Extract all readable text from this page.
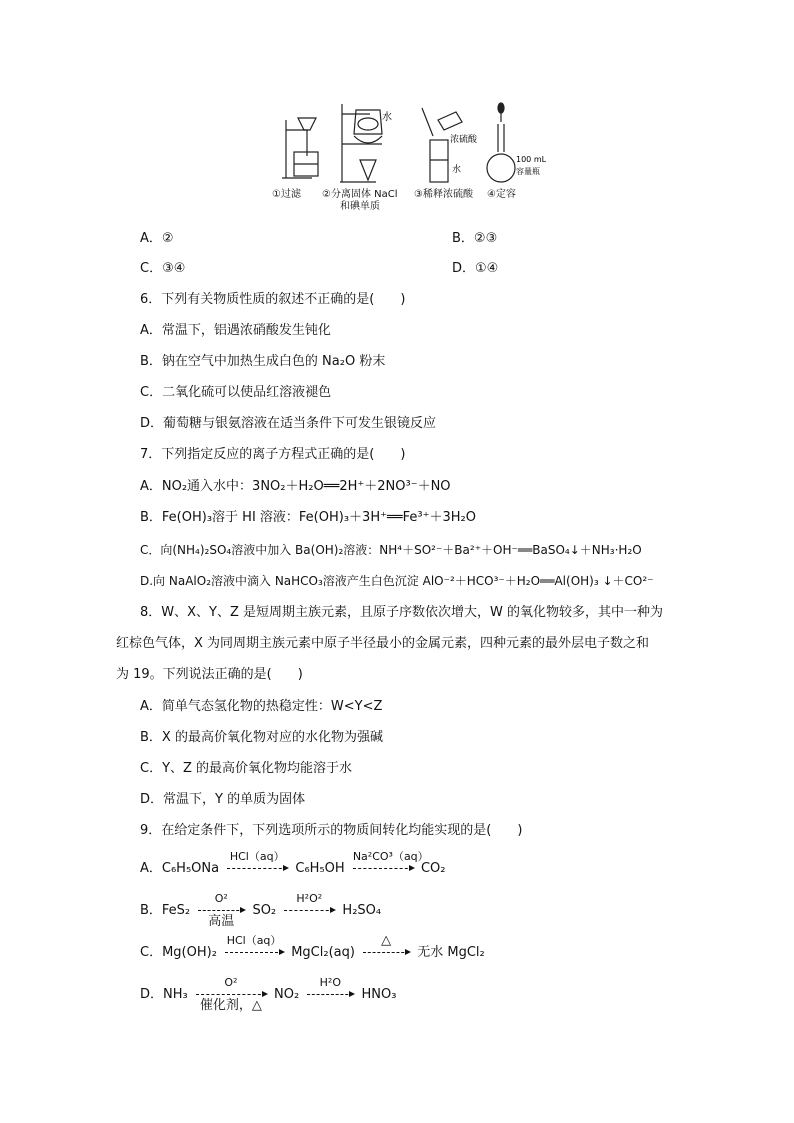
水
浓硫酸
水
100 mL
容量瓶
①过滤 ②分离固体 NaCl
和碘单质
③稀释浓硫酸 ④定容
A．②	B．②③
C．③④	D．①④
6．下列有关物质性质的叙述不正确的是(　　)
A．常温下，铝遇浓硝酸发生钝化
B．钠在空气中加热生成白色的 Na₂O 粉末
C．二氧化硫可以使品红溶液褪色
D．葡萄糖与银氨溶液在适当条件下可发生银镜反应
7．下列指定反应的离子方程式正确的是(　　)
A．NO₂通入水中：3NO₂＋H₂O══2H⁺＋2NO³⁻＋NO
B．Fe(OH)₃溶于 HI 溶液：Fe(OH)₃＋3H⁺══Fe³⁺＋3H₂O
C．向(NH₄)₂SO₄溶液中加入 Ba(OH)₂溶液：NH⁴＋SO²⁻＋Ba²⁺＋OH⁻══BaSO₄↓＋NH₃·H₂O
D.向 NaAlO₂溶液中滴入 NaHCO₃溶液产生白色沉淀 AlO⁻²＋HCO³⁻＋H₂O══Al(OH)₃ ↓＋CO²⁻
8．W、X、Y、Z 是短周期主族元素，且原子序数依次增大，W 的氧化物较多，其中一种为
红棕色气体，X 为同周期主族元素中原子半径最小的金属元素，四种元素的最外层电子数之和
为 19。下列说法正确的是(　　)
A．简单气态氢化物的热稳定性：W<Y<Z
B．X 的最高价氧化物对应的水化物为强碱
C．Y、Z 的最高价氧化物均能溶于水
D．常温下，Y 的单质为固体
9．在给定条件下，下列选项所示的物质间转化均能实现的是(　　)
A．C₆H₅ONa
HCl（aq）
C₆H₅OH
Na²CO³（aq）
CO₂
B．FeS₂
O²
高温
SO₂
H²O²
H₂SO₄
C．Mg(OH)₂
HCl（aq）
MgCl₂(aq)
△
无水 MgCl₂
D．NH₃
O²
催化剂，△
NO₂
H²O
HNO₃
